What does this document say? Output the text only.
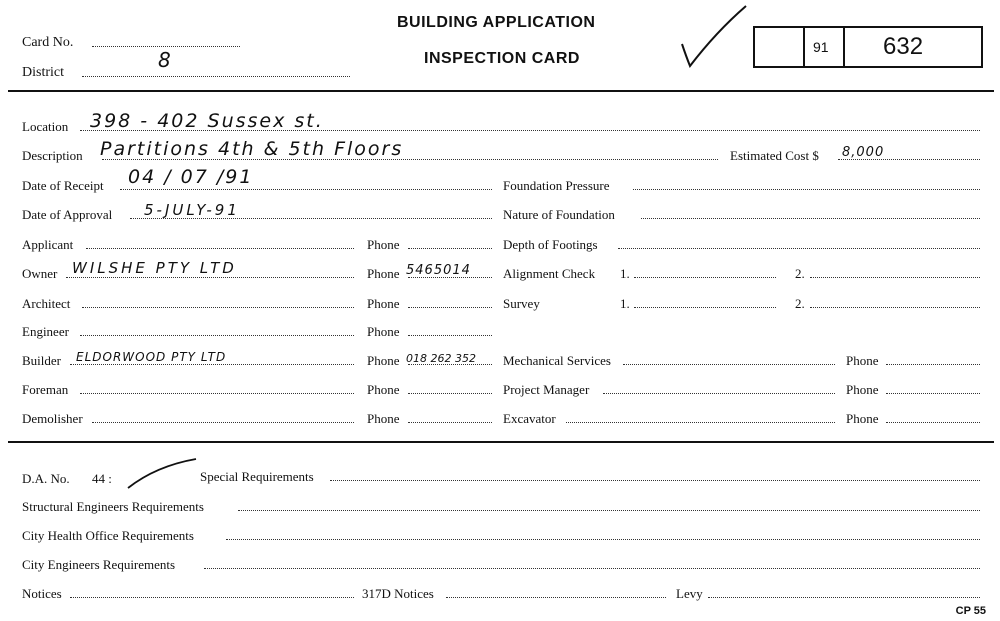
Card No.
District
8
BUILDING APPLICATION
INSPECTION CARD
91 632
Location 398 - 402 Sussex st.
Description Partitions 4th & 5th Floors	Estimated Cost $ 8,000
Date of Receipt 04 / 07 /91	Foundation Pressure
Date of Approval 5-JULY-91	Nature of Foundation
Applicant	Phone	Depth of Footings
Owner WILSHE PTY LTD	Phone 5465014 Alignment Check 1.	2.
Architect	Phone	Survey	1.	2.
Engineer	Phone
Builder ELDORWOOD PTY LTD	Phone 018 262 352 Mechanical Services	Phone
Foreman	Phone	Project Manager	Phone
Demolisher	Phone	Excavator	Phone
D.A. No. 44 :	Special Requirements
Structural Engineers Requirements
City Health Office Requirements
City Engineers Requirements
Notices	317D Notices	Levy
CP 55
